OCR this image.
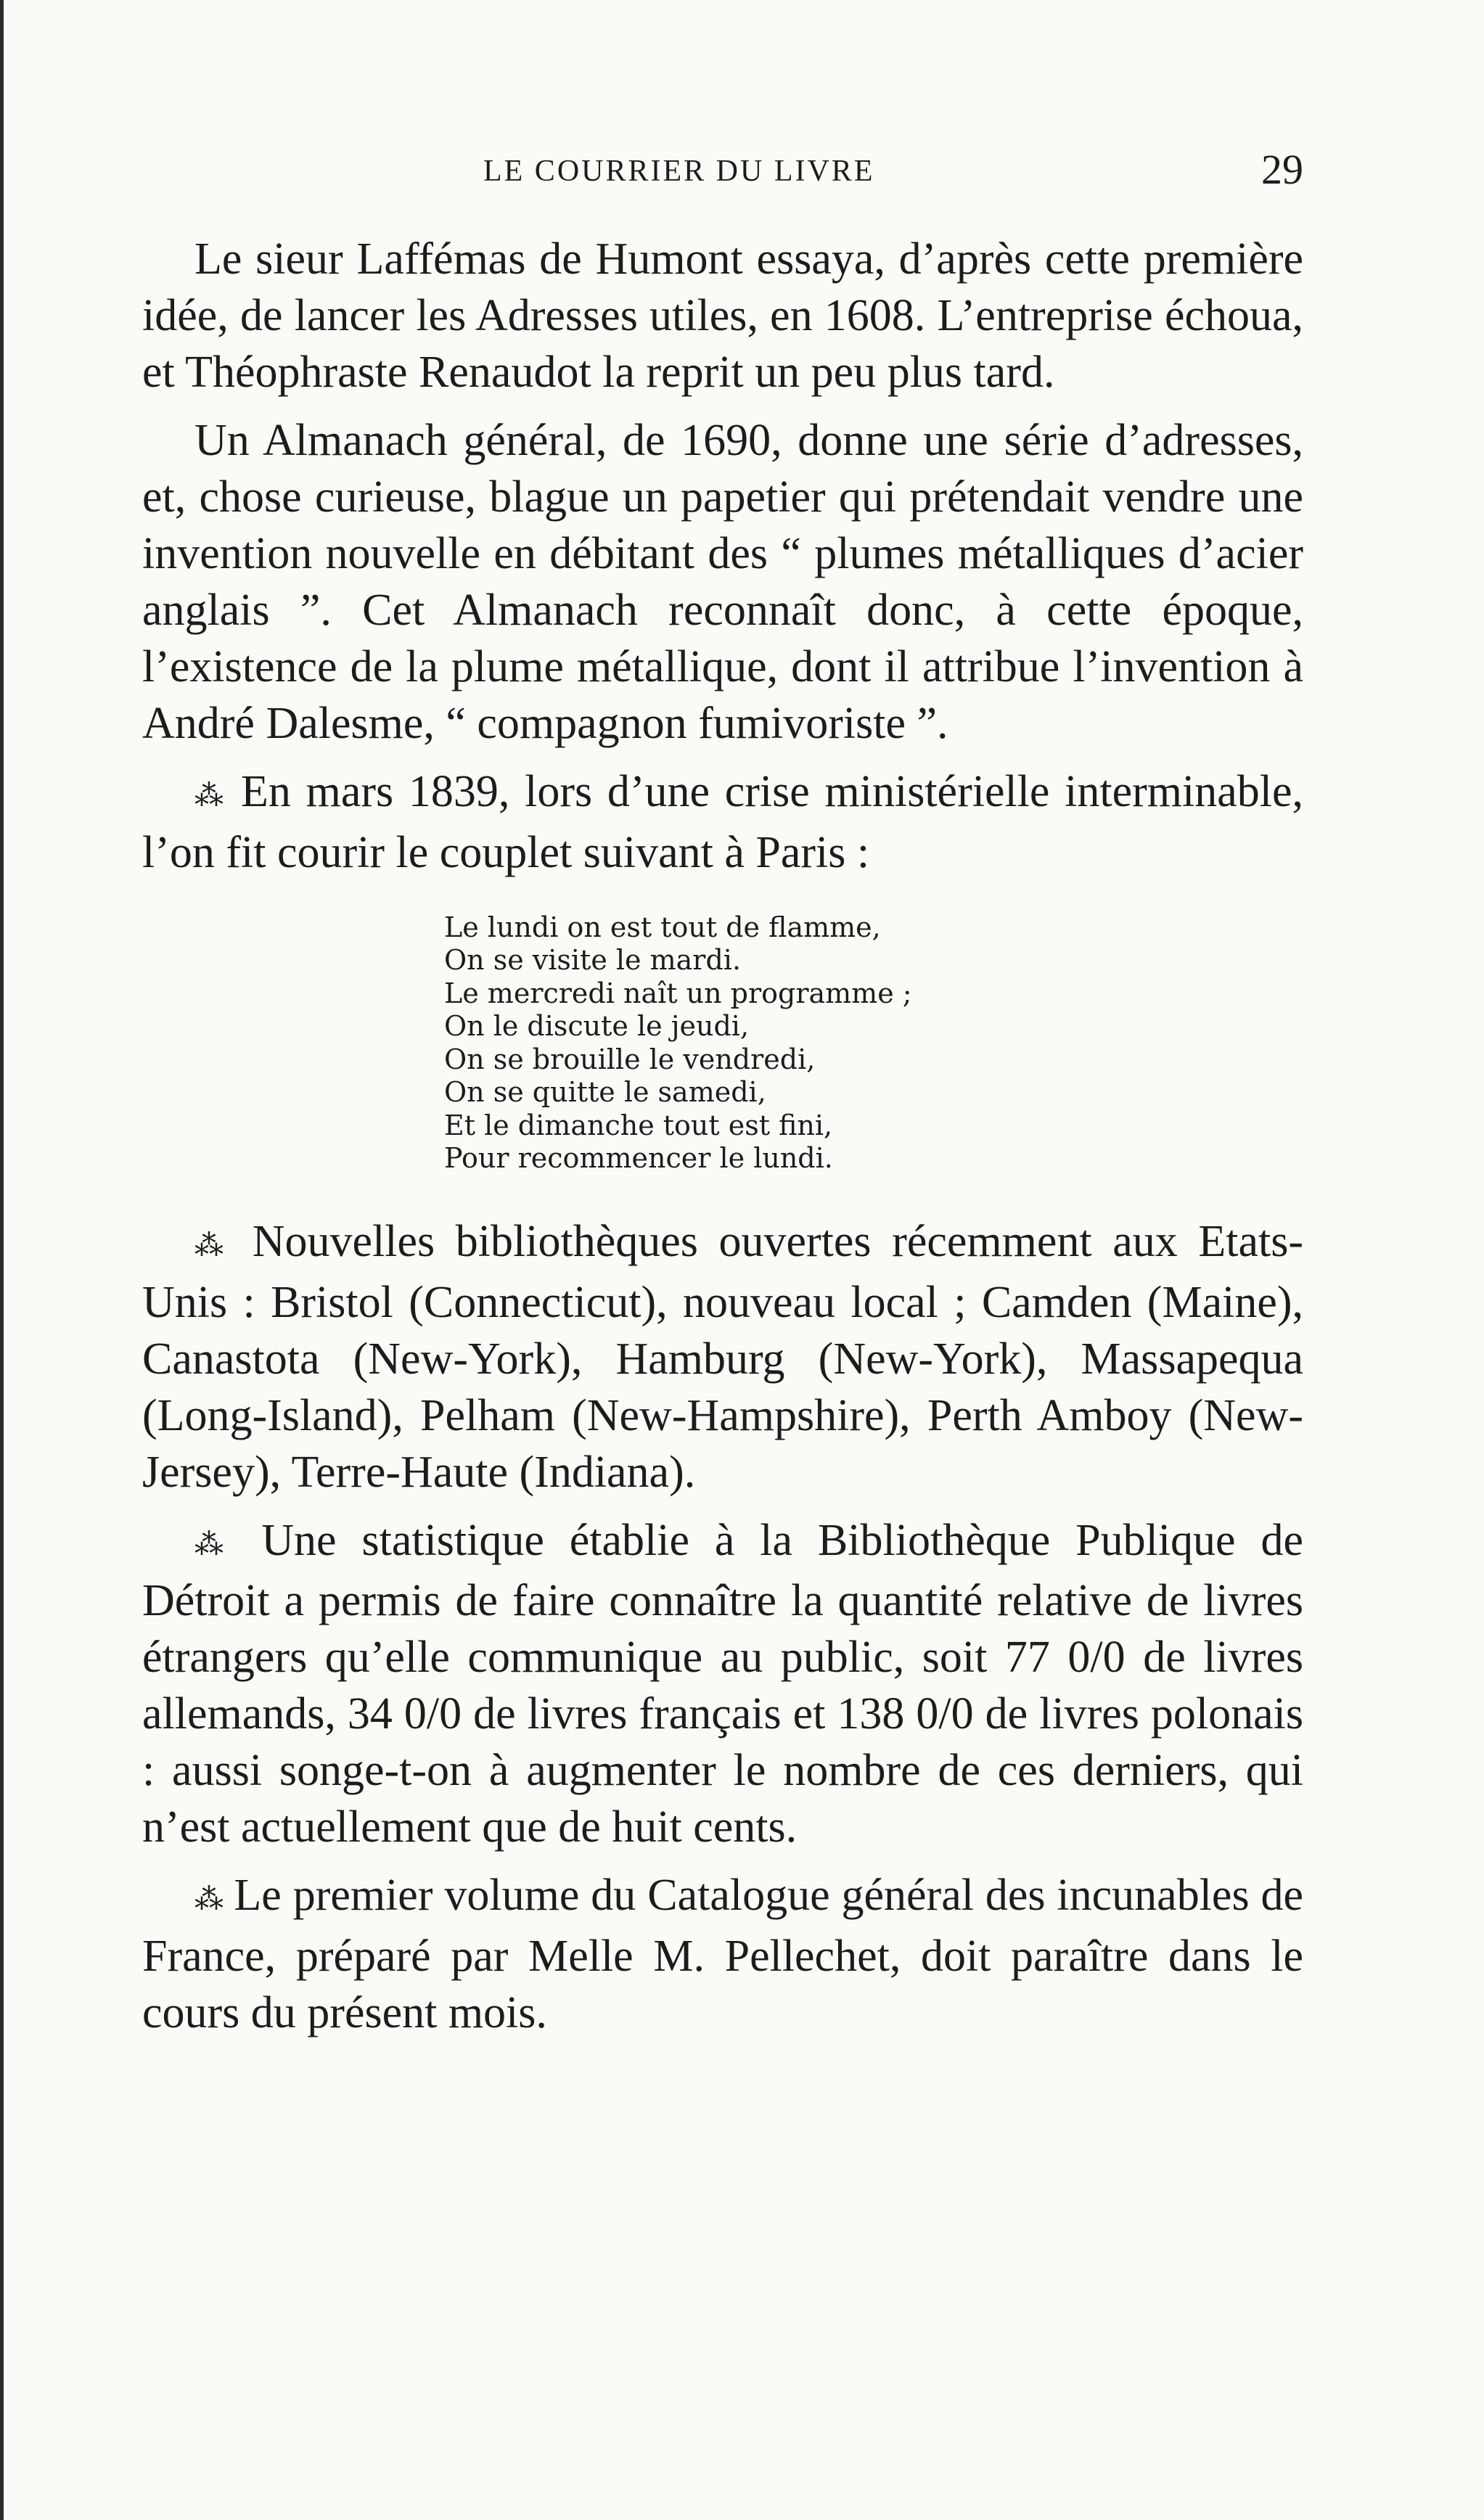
LE COURRIER DU LIVRE	29

Le sieur Laffémas de Humont essaya, d’après cette première idée, de lancer les Adresses utiles, en 1608. L’entreprise échoua, et Théophraste Renaudot la reprit un peu plus tard.

Un Almanach général, de 1690, donne une série d’adresses, et, chose curieuse, blague un papetier qui prétendait vendre une invention nouvelle en débitant des “ plumes métalliques d’acier anglais ”. Cet Almanach reconnaît donc, à cette époque, l’existence de la plume métallique, dont il attribue l’invention à André Dalesme, “ compagnon fumivoriste ”.

⁂ En mars 1839, lors d’une crise ministérielle interminable, l’on fit courir le couplet suivant à Paris :

Le lundi on est tout de flamme,
On se visite le mardi.
Le mercredi naît un programme ;
On le discute le jeudi,
On se brouille le vendredi,
On se quitte le samedi,
Et le dimanche tout est fini,
Pour recommencer le lundi.

⁂ Nouvelles bibliothèques ouvertes récemment aux Etats-Unis : Bristol (Connecticut), nouveau local ; Camden (Maine), Canastota (New-York), Hamburg (New-York), Massapequa (Long-Island), Pelham (New-Hampshire), Perth Amboy (New-Jersey), Terre-Haute (Indiana).

⁂ Une statistique établie à la Bibliothèque Publique de Détroit a permis de faire connaître la quantité relative de livres étrangers qu’elle communique au public, soit 77 0/0 de livres allemands, 34 0/0 de livres français et 138 0/0 de livres polonais : aussi songe-t-on à augmenter le nombre de ces derniers, qui n’est actuellement que de huit cents.

⁂ Le premier volume du Catalogue général des incunables de France, préparé par Melle M. Pellechet, doit paraître dans le cours du présent mois.
